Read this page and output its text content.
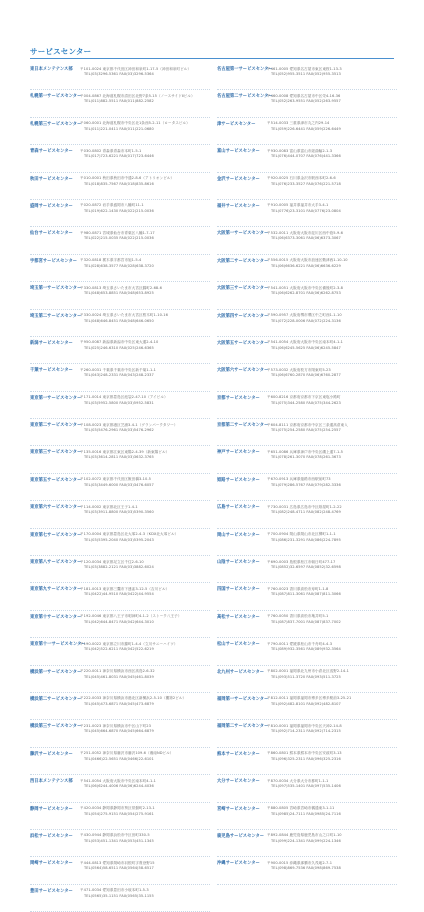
サービスセンター
東日本メンテナンス部	〒101-0024 東京都千代田区神田和泉町1-17-5（神田和泉町ビル）
TEL(03)3296-5361 FAX(03)3296-5364
札幌第一サービスセンター
〒004-0867 北海道札幌市清田区北野7条5-15（ノースサイドⅡビル）
TEL(011)882-5511 FAX(011)882-2582
札幌第三サービスセンター
〒060-0001 北海道札幌市中央区北1条西5-2-11（ロータスビル）
TEL(011)221-0411 FAX(011)221-0680
青森サービスセンター	〒030-0802 青森県青森市本町1-5-1
TEL(017)723-6221 FAX(017)723-6446
秋田サービスセンター	〒010-0001 秋田県秋田市中通2-8-6（アトリオンビル）
TEL(018)835-7567 FAX(018)835-8616
盛岡サービスセンター	〒020-0872 岩手県盛岡市八幡町11-1
TEL(019)622-1430 FAX(022)215-0036
仙台サービスセンター	〒980-0871 宮城県仙台市青葉区八幡1-7-17
TEL(022)215-0035 FAX(022)215-0036
宇都宮サービスセンター 〒320-0818 栃木県宇都宮市旭1-5-4
TEL(028)638-3577 FAX(028)638-3720
埼玉第一サービスセンター
〒330-0813 埼玉県さいたま市大宮区錦町2-68-6
TEL(048)653-8851 FAX(048)653-8925
埼玉第二サービスセンター
〒330-0024 埼玉県さいたま市大宮区桜木町1-10-16
TEL(048)646-8451 FAX(048)646-0650
新潟サービスセンター	〒950-0087 新潟県新潟市中央区東大通2-4-10
TEL(025)246-6310 FAX(025)246-6365
千葉サービスセンター	〒260-0031 千葉県千葉市中央区新千葉1-1-1
TEL(043)248-2331 FAX(043)248-2337
東京第一サービスセンター
〒171-0014 東京都豊島区池袋2-47-10（アイビル）
TEL(03)5952-5800 FAX(03)5952-5831
東京第二サービスセンター
〒108-0023 東京都港区芝浦3-4-1（グランパークタワー）
TEL(03)5476-2961 FAX(03)5476-2962
東京第三サービスセンター
〒135-0016 東京都江東区東陽2-4-39（新東陽ビル）
TEL(03)3614-2811 FAX(03)3632-3765
東京第五サービスセンター
〒102-0072 東京都千代田区飯田橋3-10-5
TEL(03)3449-6000 FAX(03)3476-6057
東京第六サービスセンター
〒114-0002 東京都北区王子1-4-1
TEL(03)3911-8800 FAX(03)5390-3560
東京第七サービスセンター
〒170-0004 東京都豊島区北大塚2-4-3（KDX北大塚ビル）
TEL(03)5395-2040 FAX(03)5395-2043
東京第八サービスセンター
〒120-0034 東京都足立区千住2-6-10
TEL(03)3882-2121 FAX(03)3882-6024
東京第九サービスセンター
〒181-0013 東京都三鷹市下連雀3-12-5（吉川ビル）
TEL(0422)44-9510 FAX(0422)44-9554
東京第十サービスセンター
〒192-0046 東京都八王子市明神町4-1-2（ストーク八王子）
TEL(042)644-8471 FAX(042)644-3010
東京第十一サービスセンター
〒190-0022 東京都立川市錦町1-4-4（立川サニーハイツ）
TEL(042)522-6211 FAX(042)522-6219
横浜第一サービスセンター
〒220-0011 神奈川県横浜市西区高島2-6-32
TEL(045)461-8031 FAX(045)461-8039
横浜第二サービスセンター
〒222-0033 神奈川県横浜市港北区新横浜2-5-10（楓第2ビル）
TEL(045)473-6871 FAX(045)473-6879
横浜第三サービスセンター
〒231-0023 神奈川県横浜市中区山下町23
TEL(045)664-6870 FAX(045)664-6879
藤沢サービスセンター	〒251-0052 神奈川県藤沢市藤沢109-6（湘南NDビル）
TEL(0466)22-5651 FAX(0466)22-6101
西日本メンテナンス部	〒541-0054 大阪府大阪市中央区南本町4-1-1
TEL(06)6244-4006 FAX(06)6244-4036
静岡サービスセンター	〒420-0034 静岡県静岡市葵区常磐町2-13-1
TEL(054)275-9151 FAX(054)275-9161
浜松サービスセンター	〒430-0944 静岡県浜松市中区田町330-5
TEL(053)451-1341 FAX(053)451-1345
岡崎サービスセンター	〒444-0813 愛知県岡崎市羽根町字貴登野15
TEL(0564)58-6511 FAX(0564)58-6517
豊田サービスセンター	〒471-0034 愛知県豊田市小坂本町1-5-3
TEL(0565)35-1151 FAX(0565)35-1155
名古屋第一サービスセンター
〒461-0005 愛知県名古屋市東区東桜1-13-3
TEL(052)955-3511 FAX(052)955-3513
名古屋第二サービスセンター
〒460-0008 愛知県名古屋市中区栄4-16-36
TEL(052)263-9551 FAX(052)263-9557
津サービスセンター	〒514-0033 三重県津市丸之内29-14
TEL(059)226-6441 FAX(059)226-6449
富山サービスセンター	〒930-0083 富山県富山市総曲輪2-1-3
TEL(076)444-0707 FAX(076)441-3366
金沢サービスセンター	〒920-0025 石川県金沢市駅西本町2-6-6
TEL(076)233-3527 FAX(076)221-5718
福井サービスセンター	〒910-0005 福井県福井市大手3-4-1
TEL(0776)23-3101 FAX(0776)23-0804
大阪第一サービスセンター
〒532-0011 大阪府大阪市淀川区西中島5-9-6
TEL(06)6373-3061 FAX(06)6373-3067
大阪第二サービスセンター
〒556-0015 大阪府大阪市浪速区敷津西1-10-10
TEL(06)6636-6221 FAX(06)6636-6229
大阪第三サービスセンター
〒541-0051 大阪府大阪市中央区備後町2-3-8
TEL(06)6262-8701 FAX(06)6262-8753
大阪第四サービスセンター
〒590-0957 大阪府堺市堺区中之町西1-1-10
TEL(072)228-0006 FAX(072)224-3136
大阪第五サービスセンター
〒541-0054 大阪府大阪市中央区南本町4-1-1
TEL(06)6245-5625 FAX(06)6245-5847
大阪第六サービスセンター
〒573-0032 大阪府枚方市岡東町5-23
TEL(06)6760-2870 FAX(06)6760-2877
京都サービスセンター	〒600-8216 京都府京都市下京区東塩小路町
TEL(075)344-2580 FAX(075)344-2623
京都第二サービスセンター
〒604-8111 京都府京都市中京区三条通高倉東入
TEL(075)254-2580 FAX(075)254-2557
神戸サービスセンター	〒651-0086 兵庫県神戸市中央区磯上通7-1-5
TEL(078)261-3070 FAX(078)261-3673
姫路サービスセンター	〒670-0913 兵庫県姫路市西駅前町73
TEL(079)286-5767 FAX(079)282-3336
広島サービスセンター	〒730-0031 広島県広島市中区紙屋町1-2-22
TEL(082)248-4711 FAX(082)248-4769
岡山サービスセンター	〒700-0904 岡山県岡山市北区柳町1-1-1
TEL(086)231-3291 FAX(086)224-7895
山陰サービスセンター	〒690-0003 島根県松江市朝日町477-17
TEL(0852)32-6597 FAX(0852)32-6598
四国サービスセンター	〒760-0023 香川県高松市寿町1-1-8
TEL(087)811-3061 FAX(087)811-3066
高松サービスセンター	〒760-0050 香川県高松市亀井町5-1
TEL(087)837-7001 FAX(087)837-7002
松山サービスセンター	〒790-0011 愛媛県松山市千舟町4-4-3
TEL(089)932-3561 FAX(089)932-3564
北九州サービスセンター 〒802-0001 福岡県北九州市小倉北区浅野2-14-1
TEL(093)511-3720 FAX(093)511-3725
福岡第一サービスセンター
〒812-0011 福岡県福岡市博多区博多駅前3-25-21
TEL(092)482-8101 FAX(092)482-8107
福岡第二サービスセンター
〒810-0001 福岡県福岡市中央区天神2-14-8
TEL(092)714-2311 FAX(092)714-2315
熊本サービスセンター	〒860-0801 熊本県熊本市中央区安政町3-13
TEL(096)325-2311 FAX(096)325-2316
大分サービスセンター	〒870-0034 大分県大分市都町1-1-1
TEL(097)535-1401 FAX(097)535-1406
宮崎サービスセンター	〒880-0805 宮崎県宮崎市橘通東3-1-11
TEL(0985)24-7111 FAX(0985)24-7116
鹿児島サービスセンター 〒892-0844 鹿児島県鹿児島市山之口町1-10
TEL(099)224-1341 FAX(099)224-1346
沖縄サービスセンター	〒900-0015 沖縄県那覇市久茂地2-7-1
TEL(098)869-7536 FAX(098)869-7538
